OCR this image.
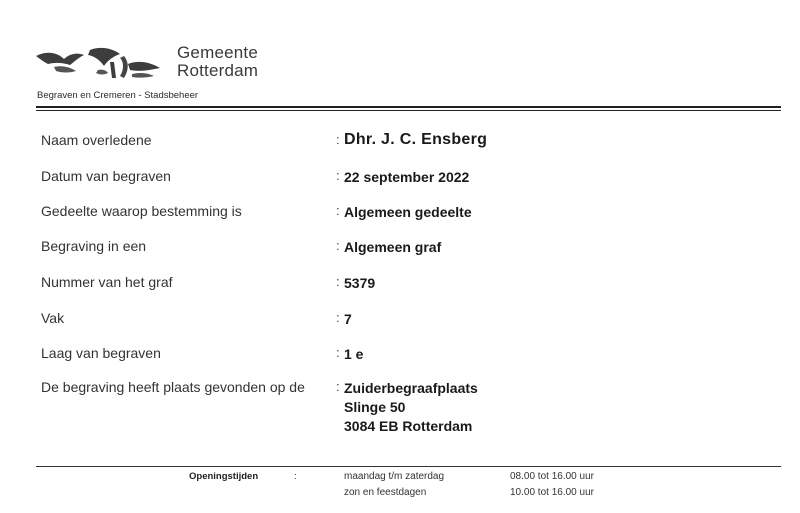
Gemeente
Rotterdam
Begraven en Cremeren - Stadsbeheer
Naam overledene	: Dhr. J. C. Ensberg
Datum van begraven	: 22 september 2022
Gedeelte waarop bestemming is	: Algemeen gedeelte
Begraving in een	: Algemeen graf
Nummer van het graf	: 5379
Vak	: 7
Laag van begraven	: 1 e
De begraving heeft plaats gevonden op de : Zuiderbegraafplaats
Slinge 50
3084 EB Rotterdam
Openingstijden	:	maandag t/m zaterdag	08.00 tot 16.00 uur
zon en feestdagen	10.00 tot 16.00 uur
